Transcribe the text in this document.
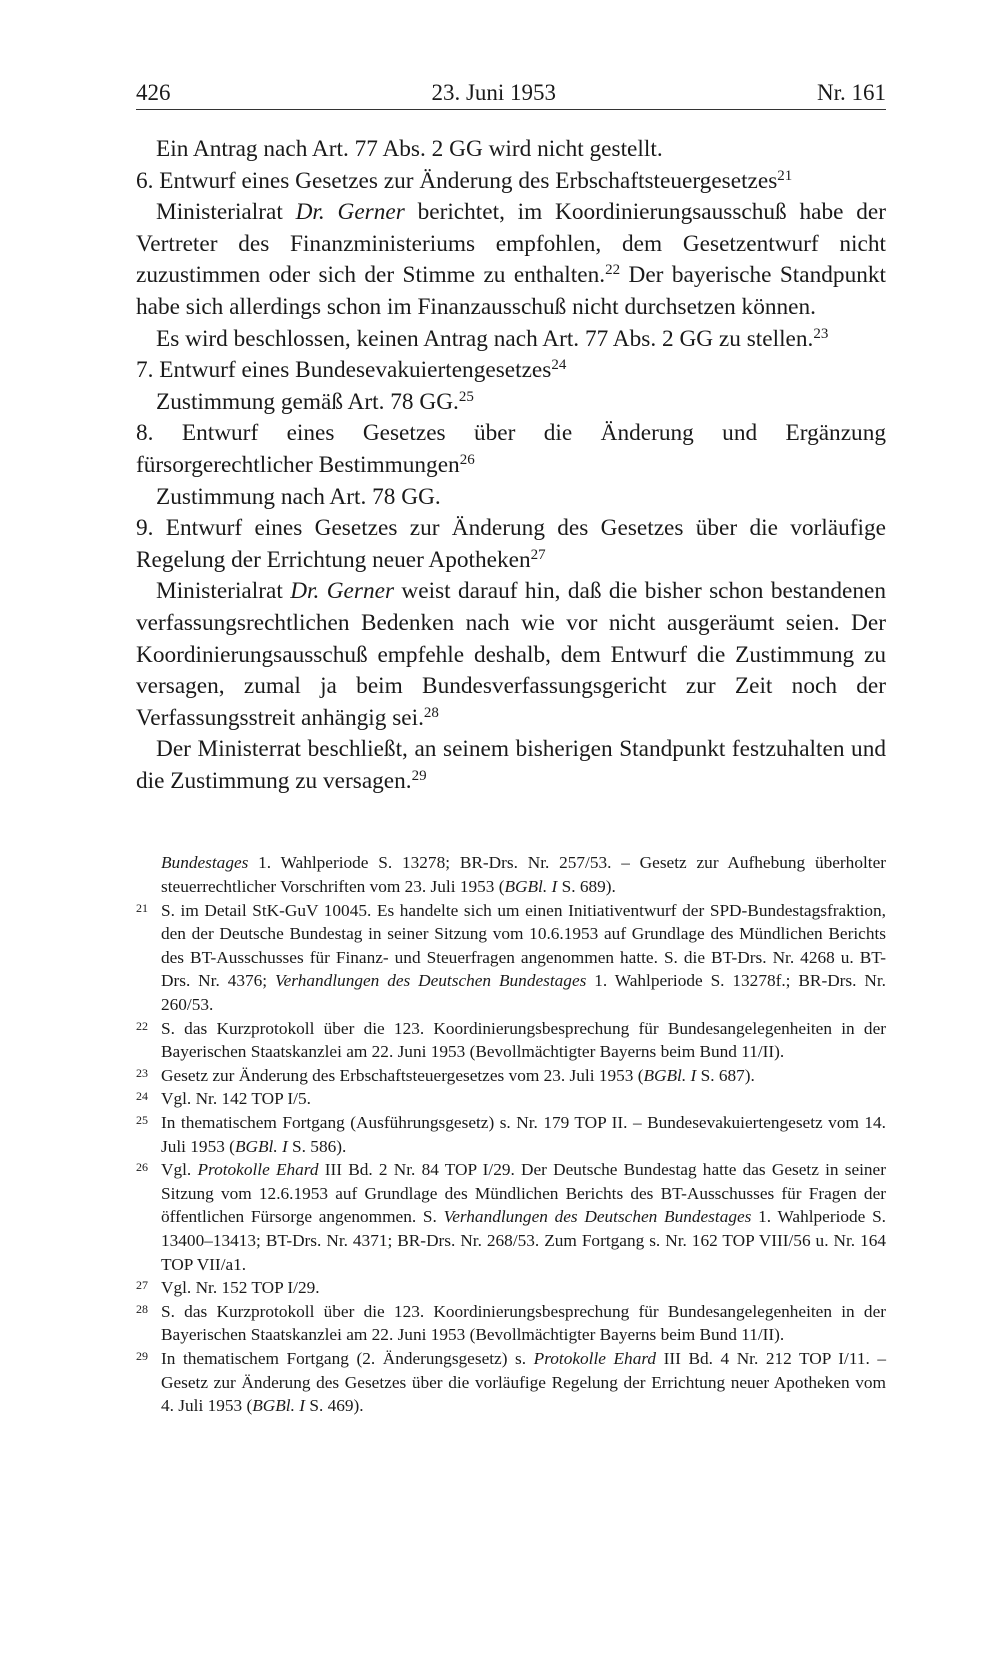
426	23. Juni 1953	Nr. 161

Ein Antrag nach Art. 77 Abs. 2 GG wird nicht gestellt.

6. Entwurf eines Gesetzes zur Änderung des Erbschaftsteuergesetzes$^{21}$

Ministerialrat Dr. Gerner berichtet, im Koordinierungsausschuß habe der Vertreter des Finanzministeriums empfohlen, dem Gesetzentwurf nicht zuzustimmen oder sich der Stimme zu enthalten.$^{22}$ Der bayerische Standpunkt habe sich allerdings schon im Finanzausschuß nicht durchsetzen können.

Es wird beschlossen, keinen Antrag nach Art. 77 Abs. 2 GG zu stellen.$^{23}$

7. Entwurf eines Bundesevakuiertengesetzes$^{24}$

Zustimmung gemäß Art. 78 GG.$^{25}$

8. Entwurf eines Gesetzes über die Änderung und Ergänzung fürsorgerechtlicher Bestimmungen$^{26}$

Zustimmung nach Art. 78 GG.

9. Entwurf eines Gesetzes zur Änderung des Gesetzes über die vorläufige Regelung der Errichtung neuer Apotheken$^{27}$

Ministerialrat Dr. Gerner weist darauf hin, daß die bisher schon bestandenen verfassungsrechtlichen Bedenken nach wie vor nicht ausgeräumt seien. Der Koordinierungsausschuß empfehle deshalb, dem Entwurf die Zustimmung zu versagen, zumal ja beim Bundesverfassungsgericht zur Zeit noch der Verfassungsstreit anhängig sei.$^{28}$

Der Ministerrat beschließt, an seinem bisherigen Standpunkt festzuhalten und die Zustimmung zu versagen.$^{29}$

Bundestages 1. Wahlperiode S. 13278; BR-Drs. Nr. 257/53. – Gesetz zur Aufhebung überholter steuerrechtlicher Vorschriften vom 23. Juli 1953 (BGBl. I S. 689).

21 S. im Detail StK-GuV 10045. Es handelte sich um einen Initiativentwurf der SPD-Bundestagsfraktion, den der Deutsche Bundestag in seiner Sitzung vom 10.6.1953 auf Grundlage des Mündlichen Berichts des BT-Ausschusses für Finanz- und Steuerfragen angenommen hatte. S. die BT-Drs. Nr. 4268 u. BT-Drs. Nr. 4376; Verhandlungen des Deutschen Bundestages 1. Wahlperiode S. 13278f.; BR-Drs. Nr. 260/53.

22 S. das Kurzprotokoll über die 123. Koordinierungsbesprechung für Bundesangelegenheiten in der Bayerischen Staatskanzlei am 22. Juni 1953 (Bevollmächtigter Bayerns beim Bund 11/II).

23 Gesetz zur Änderung des Erbschaftsteuergesetzes vom 23. Juli 1953 (BGBl. I S. 687).

24 Vgl. Nr. 142 TOP I/5.

25 In thematischem Fortgang (Ausführungsgesetz) s. Nr. 179 TOP II. – Bundesevakuiertengesetz vom 14. Juli 1953 (BGBl. I S. 586).

26 Vgl. Protokolle Ehard III Bd. 2 Nr. 84 TOP I/29. Der Deutsche Bundestag hatte das Gesetz in seiner Sitzung vom 12.6.1953 auf Grundlage des Mündlichen Berichts des BT-Ausschusses für Fragen der öffentlichen Fürsorge angenommen. S. Verhandlungen des Deutschen Bundestages 1. Wahlperiode S. 13400–13413; BT-Drs. Nr. 4371; BR-Drs. Nr. 268/53. Zum Fortgang s. Nr. 162 TOP VIII/56 u. Nr. 164 TOP VII/a1.

27 Vgl. Nr. 152 TOP I/29.

28 S. das Kurzprotokoll über die 123. Koordinierungsbesprechung für Bundesangelegenheiten in der Bayerischen Staatskanzlei am 22. Juni 1953 (Bevollmächtigter Bayerns beim Bund 11/II).

29 In thematischem Fortgang (2. Änderungsgesetz) s. Protokolle Ehard III Bd. 4 Nr. 212 TOP I/11. – Gesetz zur Änderung des Gesetzes über die vorläufige Regelung der Errichtung neuer Apotheken vom 4. Juli 1953 (BGBl. I S. 469).
